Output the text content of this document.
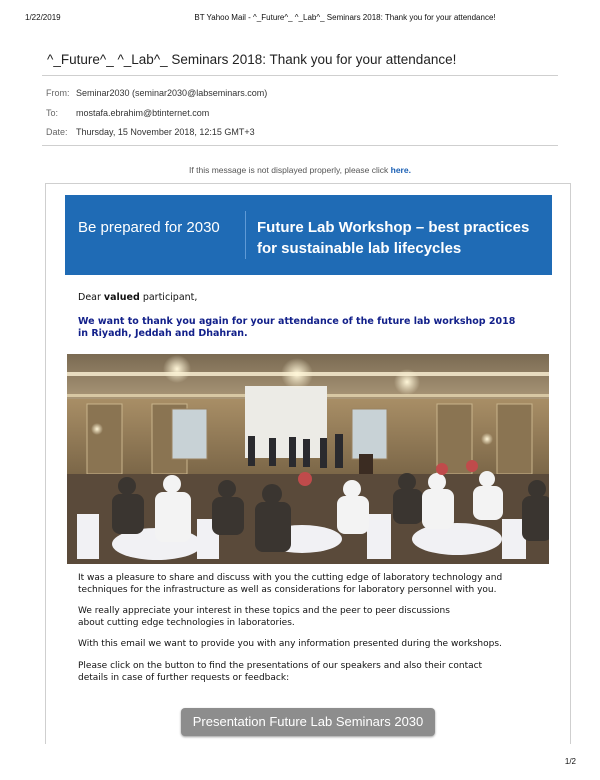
1/22/2019	BT Yahoo Mail - ^_Future^_ ^_Lab^_ Seminars 2018: Thank you for your attendance!
^_Future^_ ^_Lab^_ Seminars 2018: Thank you for your attendance!
From: Seminar2030 (seminar2030@labseminars.com)
To: mostafa.ebrahim@btinternet.com
Date: Thursday, 15 November 2018, 12:15 GMT+3
If this message is not displayed properly, please click here.
Be prepared for 2030 Future Lab Workshop – best practices
for sustainable lab lifecycles
Dear valued participant,
We want to thank you again for your attendance of the future lab workshop 2018
in Riyadh, Jeddah and Dhahran.
It was a pleasure to share and discuss with you the cutting edge of laboratory technology and
techniques for the infrastructure as well as considerations for laboratory personnel with you.
We really appreciate your interest in these topics and the peer to peer discussions
about cutting edge technologies in laboratories.
With this email we want to provide you with any information presented during the workshops.
Please click on the button to find the presentations of our speakers and also their contact
details in case of further requests or feedback:
Presentation Future Lab Seminars 2030
1/2
